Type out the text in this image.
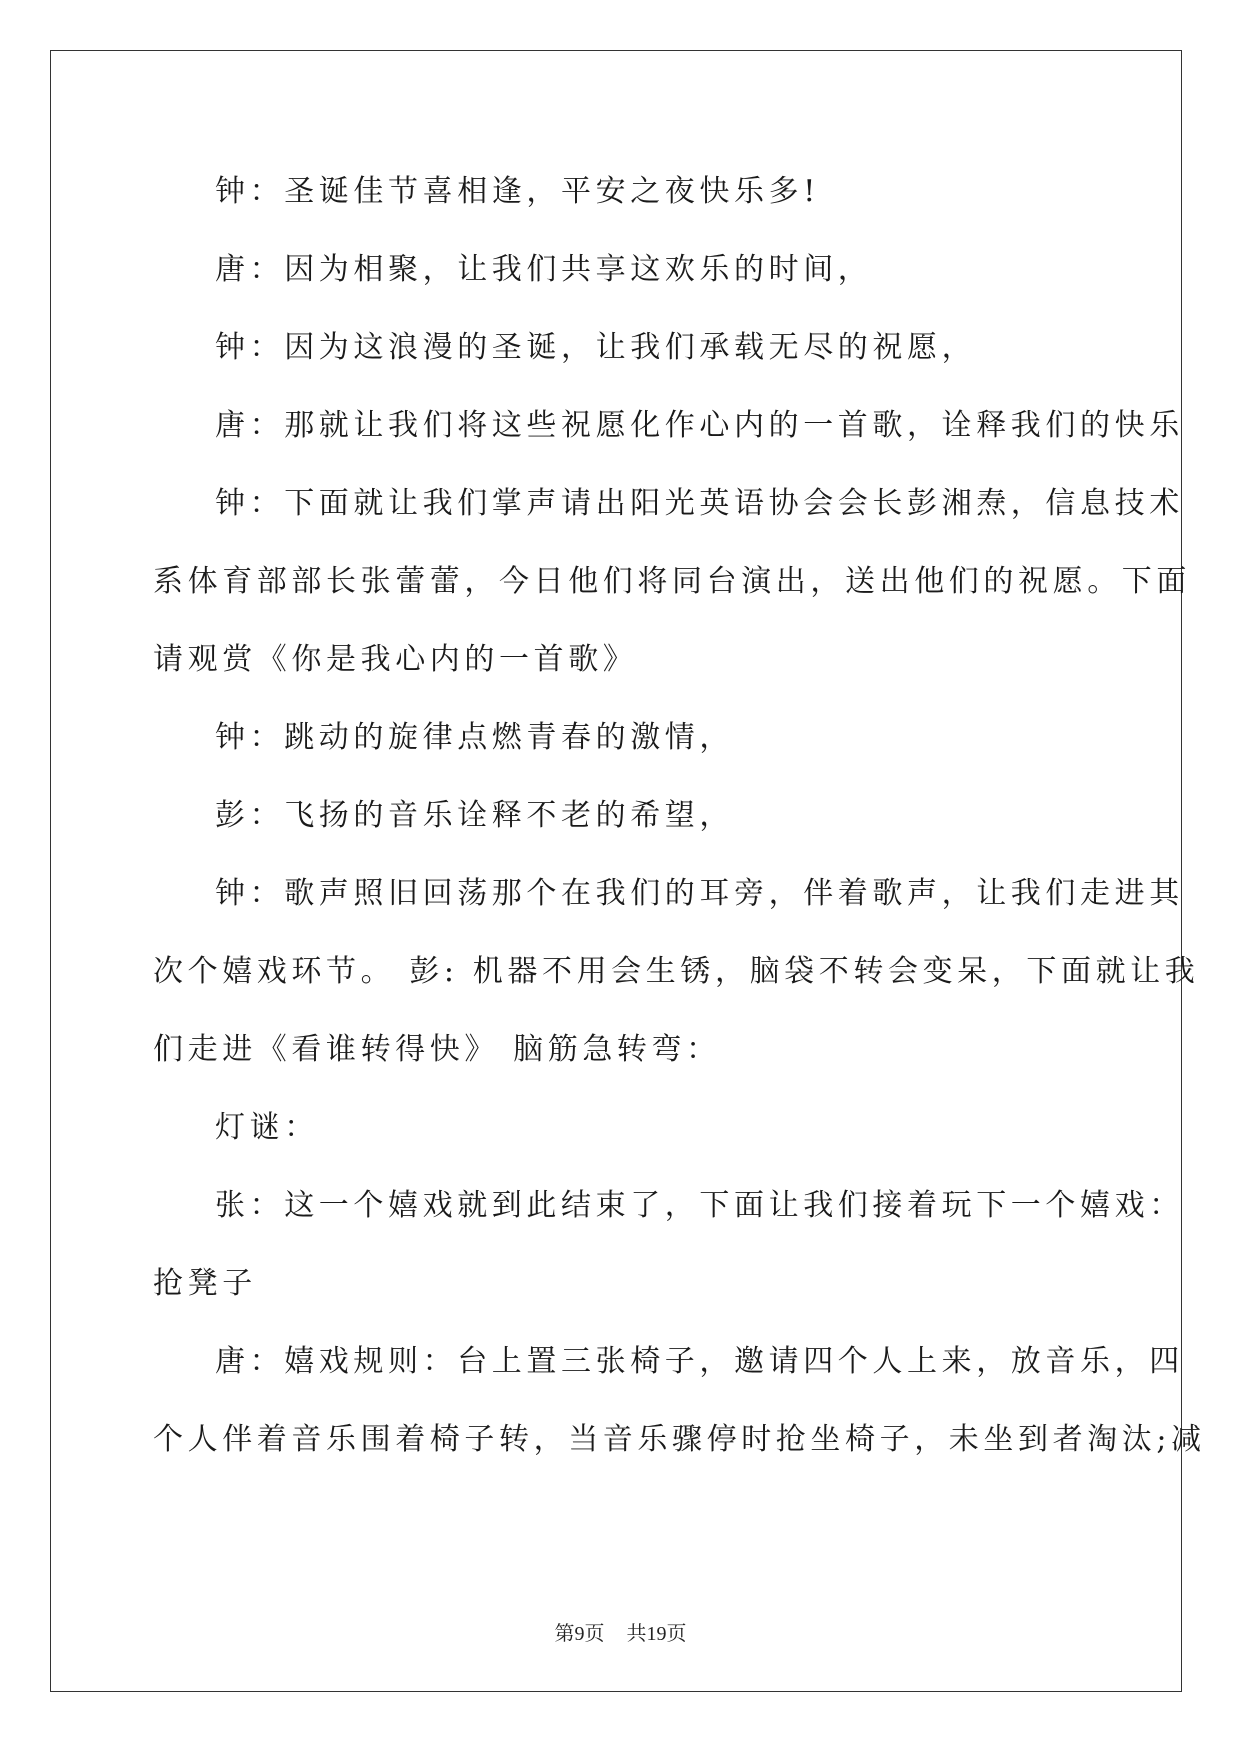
钟：圣诞佳节喜相逢，平安之夜快乐多!
唐：因为相聚，让我们共享这欢乐的时间，
钟：因为这浪漫的圣诞，让我们承载无尽的祝愿，
唐：那就让我们将这些祝愿化作心内的一首歌，诠释我们的快乐
钟：下面就让我们掌声请出阳光英语协会会长彭湘焘，信息技术
系体育部部长张蕾蕾，今日他们将同台演出，送出他们的祝愿。下面
请观赏《你是我心内的一首歌》
钟：跳动的旋律点燃青春的激情，
彭：飞扬的音乐诠释不老的希望，
钟：歌声照旧回荡那个在我们的耳旁，伴着歌声，让我们走进其
次个嬉戏环节。 彭: 机器不用会生锈，脑袋不转会变呆，下面就让我
们走进《看谁转得快》 脑筋急转弯：
灯谜：
张：这一个嬉戏就到此结束了，下面让我们接着玩下一个嬉戏：
抢凳子
唐：嬉戏规则：台上置三张椅子，邀请四个人上来，放音乐，四
个人伴着音乐围着椅子转，当音乐骤停时抢坐椅子，未坐到者淘汰;减
第9页 共19页
